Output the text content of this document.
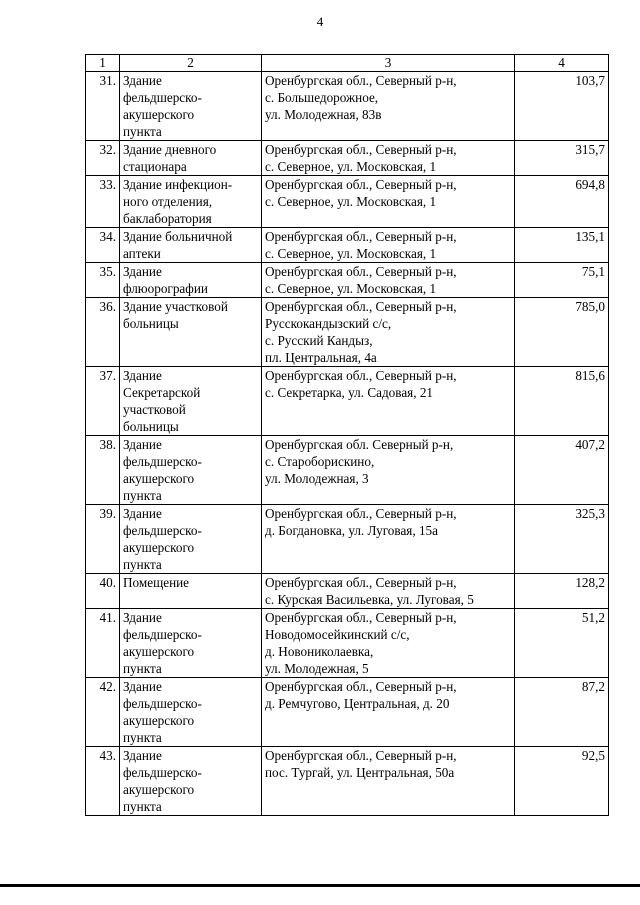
4
1	2	3	4
31.	Здание
фельдшерско-
акушерского
пункта	Оренбургская обл., Северный р-н,
с. Большедорожное,
ул. Молодежная, 83в	103,7
32.	Здание дневного
стационара	Оренбургская обл., Северный р-н,
с. Северное, ул. Московская, 1	315,7
33.	Здание инфекцион-
ного отделения,
баклаборатория	Оренбургская обл., Северный р-н,
с. Северное, ул. Московская, 1	694,8
34.	Здание больничной
аптеки	Оренбургская обл., Северный р-н,
с. Северное, ул. Московская, 1	135,1
35.	Здание
флюорографии	Оренбургская обл., Северный р-н,
с. Северное, ул. Московская, 1	75,1
36.	Здание участковой
больницы	Оренбургская обл., Северный р-н,
Русскокандызский с/с,
с. Русский Кандыз,
пл. Центральная, 4а	785,0
37.	Здание
Секретарской
участковой
больницы	Оренбургская обл., Северный р-н,
с. Секретарка, ул. Садовая, 21	815,6
38.	Здание
фельдшерско-
акушерского
пункта	Оренбургская обл. Северный р-н,
с. Староборискино,
ул. Молодежная, 3	407,2
39.	Здание
фельдшерско-
акушерского
пункта	Оренбургская обл., Северный р-н,
д. Богдановка, ул. Луговая, 15а	325,3
40.	Помещение	Оренбургская обл., Северный р-н,
с. Курская Васильевка, ул. Луговая, 5	128,2
41.	Здание
фельдшерско-
акушерского
пункта	Оренбургская обл., Северный р-н,
Новодомосейкинский с/с,
д. Новониколаевка,
ул. Молодежная, 5	51,2
42.	Здание
фельдшерско-
акушерского
пункта	Оренбургская обл., Северный р-н,
д. Ремчугово, Центральная, д. 20	87,2
43.	Здание
фельдшерско-
акушерского
пункта	Оренбургская обл., Северный р-н,
пос. Тургай, ул. Центральная, 50а	92,5
